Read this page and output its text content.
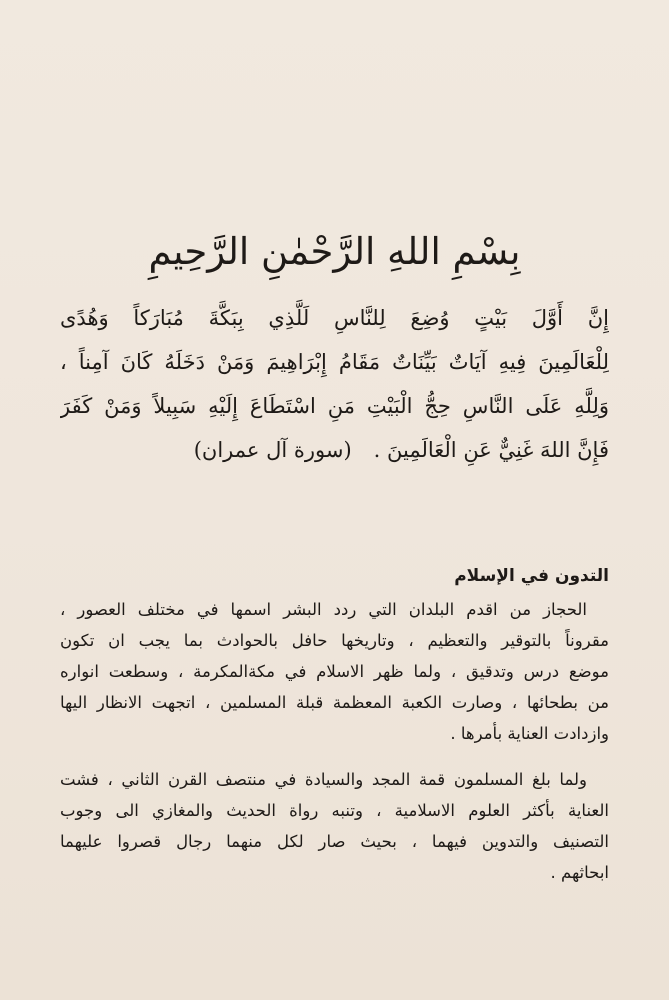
بِسْمِ اللهِ الرَّحْمٰنِ الرَّحِيمِ
إِنَّ أَوَّلَ بَيْتٍ وُضِعَ لِلنَّاسِ لَلَّذِي بِبَكَّةَ مُبَارَكاً وَهُدًى
لِلْعَالَمِينَ فِيهِ آيَاتٌ بَيِّنَاتٌ مَقَامُ إِبْرَاهِيمَ وَمَنْ دَخَلَهُ كَانَ آمِناً ،
وَلِلَّهِ عَلَى النَّاسِ حِجُّ الْبَيْتِ مَنِ اسْتَطَاعَ إِلَيْهِ سَبِيلاً وَمَنْ كَفَرَ
فَإِنَّ اللهَ غَنِيٌّ عَنِ الْعَالَمِينَ .(سورة آل عمران)
التدون في الإسلام
الحجاز من اقدم البلدان التي ردد البشر اسمها في مختلف العصور ،
مقروناً بالتوقير والتعظيم ، وتاريخها حافل بالحوادث بما يجب ان تكون
موضع درس وتدقيق ، ولما ظهر الاسلام في مكةالمكرمة ، وسطعت انواره
من بطحائها ، وصارت الكعبة المعظمة قبلة المسلمين ، اتجهت الانظار اليها
وازدادت العناية بأمرها .
ولما بلغ المسلمون قمة المجد والسيادة في منتصف القرن الثاني ، فشت
العناية بأكثر العلوم الاسلامية ، وتنبه رواة الحديث والمغازي الى وجوب
التصنيف والتدوين فيهما ، بحيث صار لكل منهما رجال قصروا عليهما
ابحاثهم .
